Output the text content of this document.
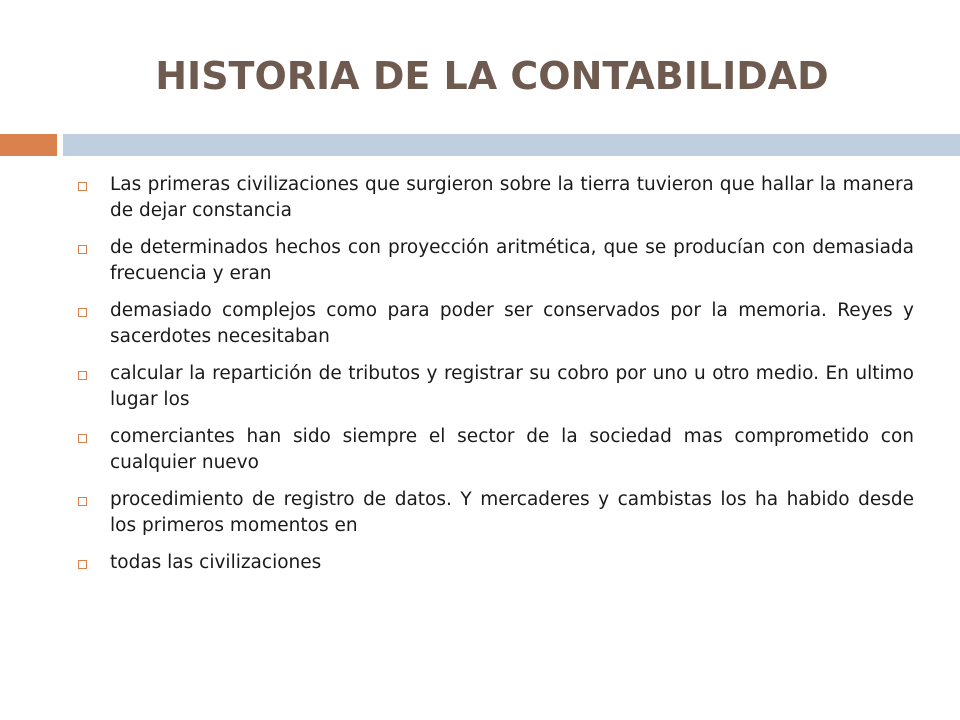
HISTORIA DE LA CONTABILIDAD
Las primeras civilizaciones que surgieron sobre la tierra tuvieron que hallar la manera de dejar constancia
de determinados hechos con proyección aritmética, que se producían con demasiada frecuencia y eran
demasiado complejos como para poder ser conservados por la memoria. Reyes y sacerdotes necesitaban
calcular la repartición de tributos y registrar su cobro por uno u otro medio. En ultimo lugar los
comerciantes han sido siempre el sector de la sociedad mas comprometido con cualquier nuevo
procedimiento de registro de datos. Y mercaderes y cambistas los ha habido desde los primeros momentos en
todas las civilizaciones
